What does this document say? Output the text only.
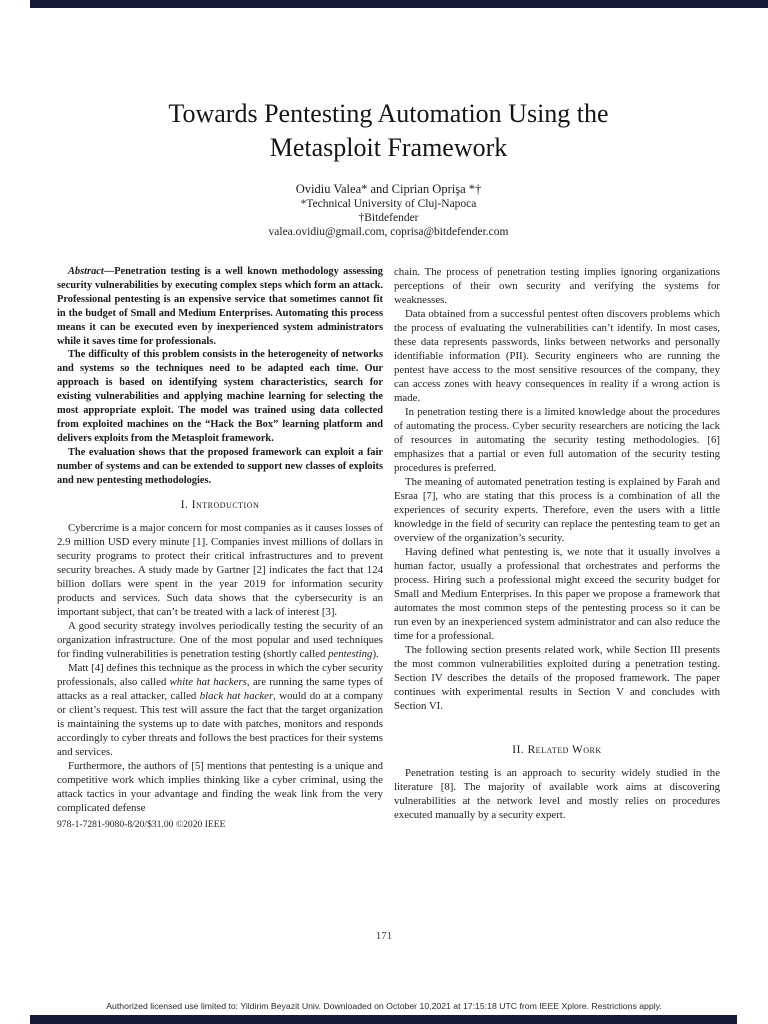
Towards Pentesting Automation Using the
Metasploit Framework
Ovidiu Valea* and Ciprian Oprişa *†
*Technical University of Cluj-Napoca
†Bitdefender
valea.ovidiu@gmail.com, coprisa@bitdefender.com

Abstract—Penetration testing is a well known methodology assessing security vulnerabilities by executing complex steps which form an attack. Professional pentesting is an expensive service that sometimes cannot fit in the budget of Small and Medium Enterprises. Automating this process means it can be executed even by inexperienced system administrators while it saves time for professionals.

The difficulty of this problem consists in the heterogeneity of networks and systems so the techniques need to be adapted each time. Our approach is based on identifying system characteristics, search for existing vulnerabilities and applying machine learning for selecting the most appropriate exploit. The model was trained using data collected from exploited machines on the “Hack the Box” learning platform and delivers exploits from the Metasploit framework.

The evaluation shows that the proposed framework can exploit a fair number of systems and can be extended to support new classes of exploits and new pentesting methodologies.

I. Introduction

Cybercrime is a major concern for most companies as it causes losses of 2.9 million USD every minute [1]. Companies invest millions of dollars in security programs to protect their critical infrastructures and to prevent security breaches. A study made by Gartner [2] indicates the fact that 124 billion dollars were spent in the year 2019 for information security products and services. Such data shows that the cybersecurity is an important subject, that can’t be treated with a lack of interest [3].

A good security strategy involves periodically testing the security of an organization infrastructure. One of the most popular and used techniques for finding vulnerabilities is penetration testing (shortly called pentesting).

Matt [4] defines this technique as the process in which the cyber security professionals, also called white hat hackers, are running the same types of attacks as a real attacker, called black hat hacker, would do at a company or client’s request. This test will assure the fact that the target organization is maintaining the systems up to date with patches, monitors and responds accordingly to cyber threats and follows the best practices for their systems and services.

Furthermore, the authors of [5] mentions that pentesting is a unique and competitive work which implies thinking like a cyber criminal, using the attack tactics in your advantage and finding the weak link from the very complicated defense

978-1-7281-9080-8/20/$31.00 ©2020 IEEE

chain. The process of penetration testing implies ignoring organizations perceptions of their own security and verifying the systems for weaknesses.

Data obtained from a successful pentest often discovers problems which the process of evaluating the vulnerabilities can’t identify. In most cases, these data represents passwords, links between networks and personally identifiable information (PII). Security engineers who are running the pentest have access to the most sensitive resources of the company, they can access zones with heavy consequences in reality if a wrong action is made.

In penetration testing there is a limited knowledge about the procedures of automating the process. Cyber security researchers are noticing the lack of resources in automating the security testing methodologies. [6] emphasizes that a partial or even full automation of the security testing procedures is preferred.

The meaning of automated penetration testing is explained by Farah and Esraa [7], who are stating that this process is a combination of all the experiences of security experts. Therefore, even the users with a little knowledge in the field of security can replace the pentesting team to get an overview of the organization’s security.

Having defined what pentesting is, we note that it usually involves a human factor, usually a professional that orchestrates and performs the process. Hiring such a professional might exceed the security budget for Small and Medium Enterprises. In this paper we propose a framework that automates the most common steps of the pentesting process so it can be run even by an inexperienced system administrator and can also reduce the time for a professional.

The following section presents related work, while Section III presents the most common vulnerabilities exploited during a penetration testing. Section IV describes the details of the proposed framework. The paper continues with experimental results in Section V and concludes with Section VI.

II. Related Work

Penetration testing is an approach to security widely studied in the literature [8]. The majority of available work aims at discovering vulnerabilities at the network level and mostly relies on procedures executed manually by a security expert.

171
Authorized licensed use limited to: Yildirim Beyazit Univ. Downloaded on October 10,2021 at 17:15:18 UTC from IEEE Xplore. Restrictions apply.
